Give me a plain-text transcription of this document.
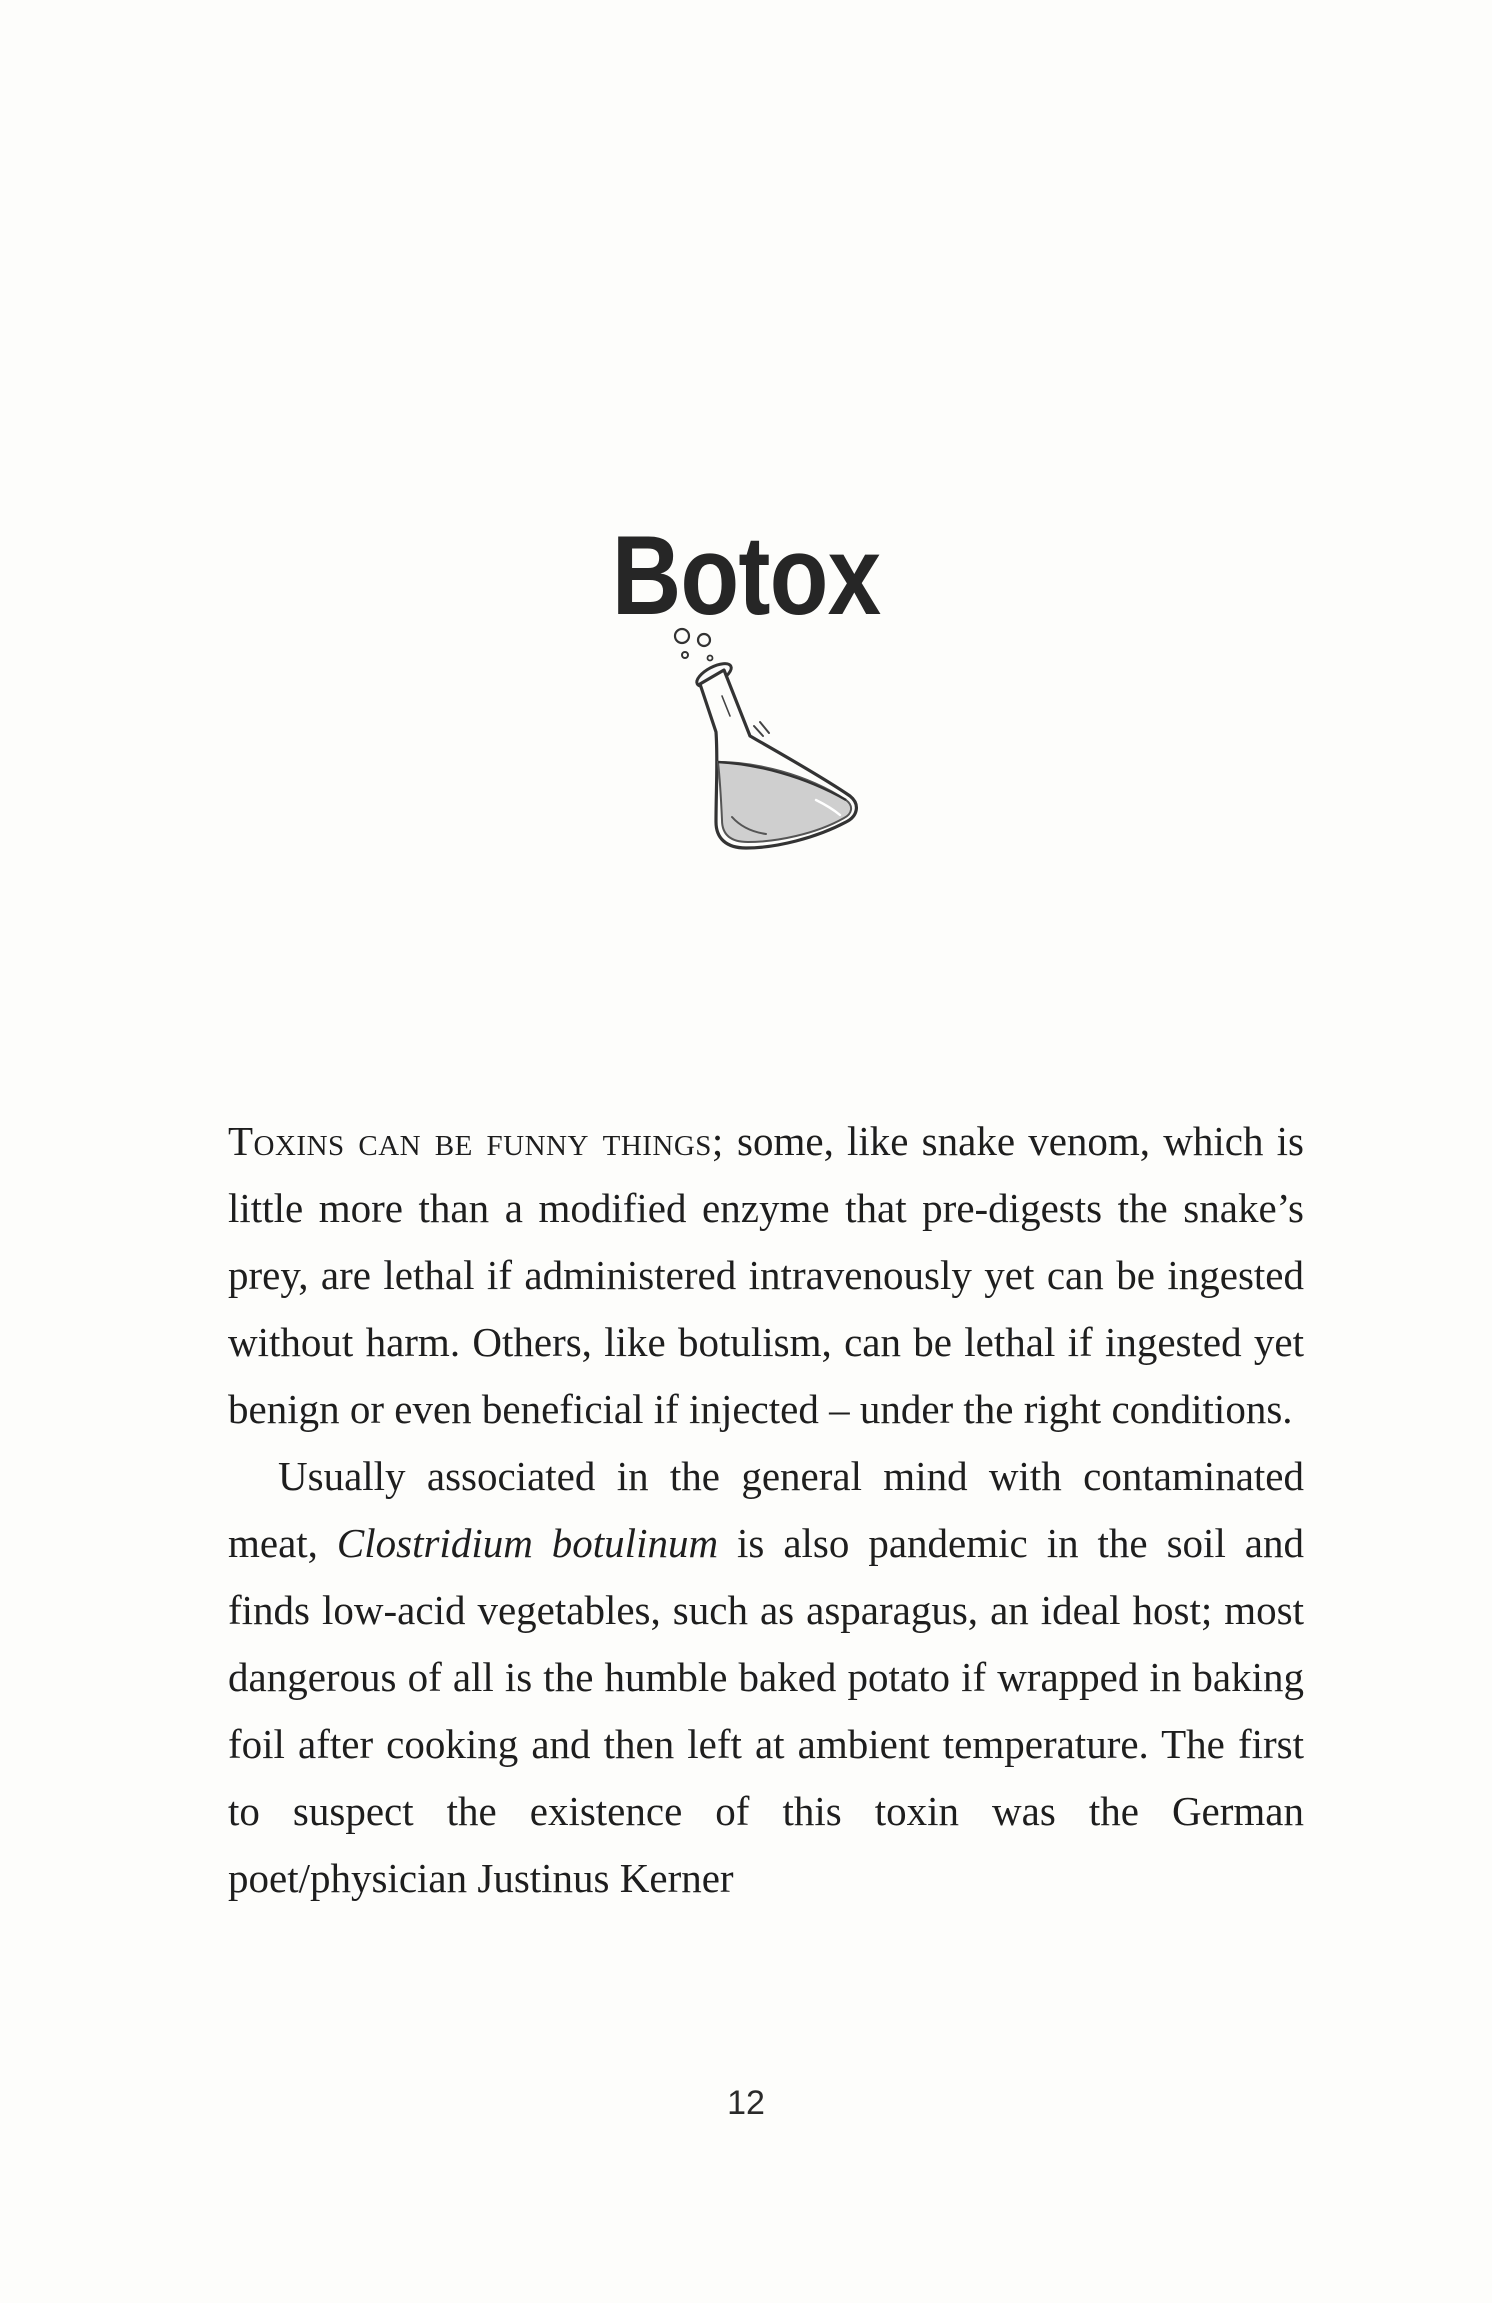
Botox

Toxins can be funny things; some, like snake venom, which is little more than a modified enzyme that pre-digests the snake’s prey, are lethal if administered intravenously yet can be ingested without harm. Others, like botulism, can be lethal if ingested yet benign or even beneficial if injected – under the right conditions.

Usually associated in the general mind with contaminated meat, Clostridium botulinum is also pandemic in the soil and finds low-acid vegetables, such as asparagus, an ideal host; most dangerous of all is the humble baked potato if wrapped in baking foil after cooking and then left at ambient temperature. The first to suspect the existence of this toxin was the German poet/physician Justinus Kerner

12
